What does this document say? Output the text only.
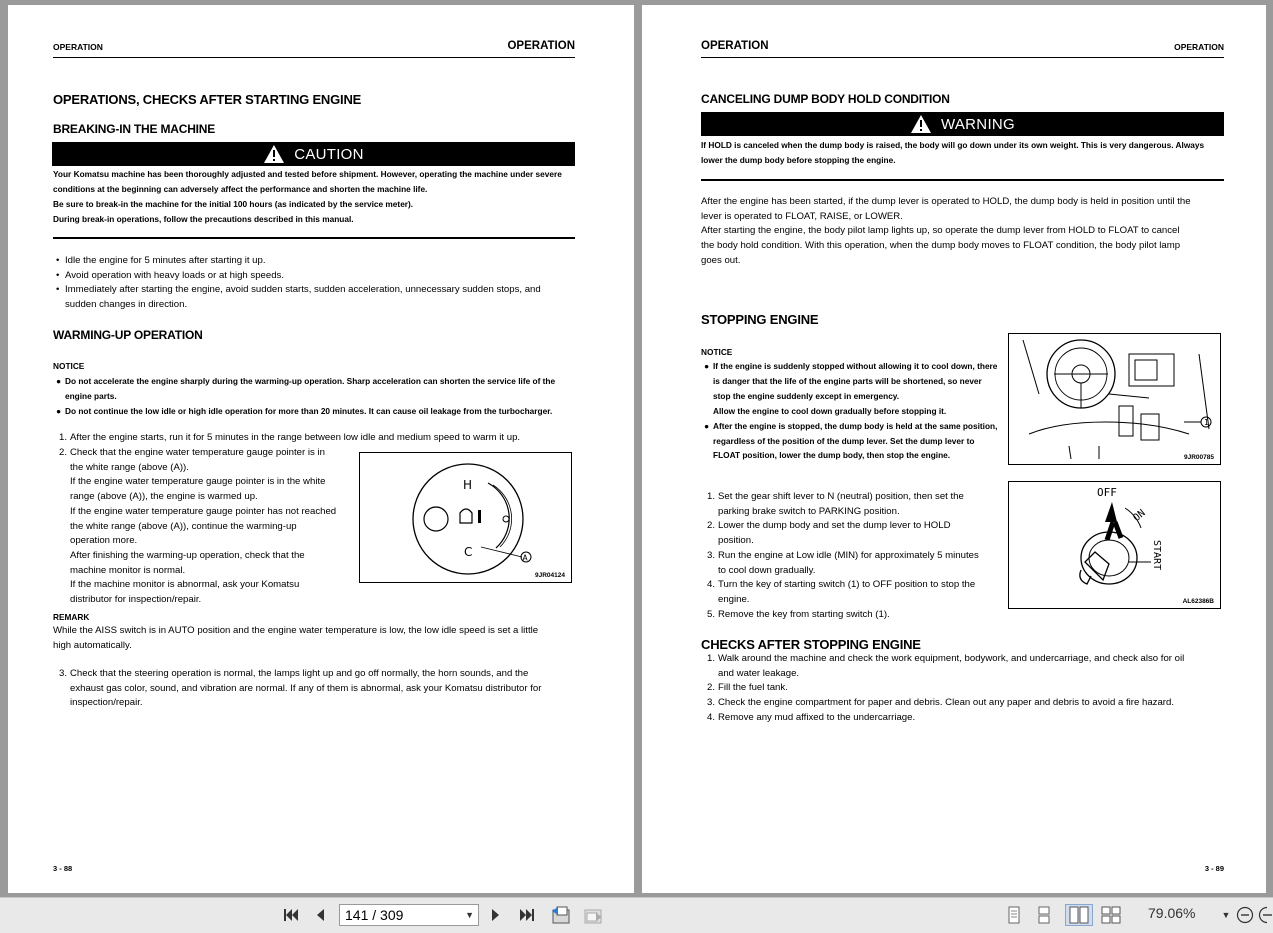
OPERATION	OPERATION
OPERATIONS, CHECKS AFTER STARTING ENGINE
BREAKING-IN THE MACHINE
CAUTION
Your Komatsu machine has been thoroughly adjusted and tested before shipment. However, operating the machine under severe
conditions at the beginning can adversely affect the performance and shorten the machine life.
Be sure to break-in the machine for the initial 100 hours (as indicated by the service meter).
During break-in operations, follow the precautions described in this manual.
• Idle the engine for 5 minutes after starting it up.
• Avoid operation with heavy loads or at high speeds.
• Immediately after starting the engine, avoid sudden starts, sudden acceleration, unnecessary sudden stops, and
sudden changes in direction.
WARMING-UP OPERATION
NOTICE
● Do not accelerate the engine sharply during the warming-up operation. Sharp acceleration can shorten the service life of the
engine parts.
● Do not continue the low idle or high idle operation for more than 20 minutes. It can cause oil leakage from the turbocharger.
1. After the engine starts, run it for 5 minutes in the range between low idle and medium speed to warm it up.
2. Check that the engine water temperature gauge pointer is in
the white range (above (A)).
If the engine water temperature gauge pointer is in the white
range (above (A)), the engine is warmed up.
If the engine water temperature gauge pointer has not reached
the white range (above (A)), continue the warming-up
operation more.
After finishing the warming-up operation, check that the
machine monitor is normal.
If the machine monitor is abnormal, ask your Komatsu
distributor for inspection/repair.
H
C	A
9JR04124
REMARK
While the AISS switch is in AUTO position and the engine water temperature is low, the low idle speed is set a little
high automatically.
3. Check that the steering operation is normal, the lamps light up and go off normally, the horn sounds, and the
exhaust gas color, sound, and vibration are normal. If any of them is abnormal, ask your Komatsu distributor for
inspection/repair.
3 - 88
OPERATION	OPERATION
CANCELING DUMP BODY HOLD CONDITION
WARNING
If HOLD is canceled when the dump body is raised, the body will go down under its own weight. This is very dangerous. Always
lower the dump body before stopping the engine.
After the engine has been started, if the dump lever is operated to HOLD, the dump body is held in position until the
lever is operated to FLOAT, RAISE, or LOWER.
After starting the engine, the body pilot lamp lights up, so operate the dump lever from HOLD to FLOAT to cancel
the body hold condition. With this operation, when the dump body moves to FLOAT condition, the body pilot lamp
goes out.
STOPPING ENGINE
NOTICE
● If the engine is suddenly stopped without allowing it to cool down, there
is danger that the life of the engine parts will be shortened, so never
stop the engine suddenly except in emergency.
Allow the engine to cool down gradually before stopping it.
● After the engine is stopped, the dump body is held at the same position,
regardless of the position of the dump lever. Set the dump lever to
FLOAT position, lower the dump body, then stop the engine.
1
9JR00785
1. Set the gear shift lever to N (neutral) position, then set the
parking brake switch to PARKING position.
2. Lower the dump body and set the dump lever to HOLD
position.
3. Run the engine at Low idle (MIN) for approximately 5 minutes
to cool down gradually.
4. Turn the key of starting switch (1) to OFF position to stop the
engine.
5. Remove the key from starting switch (1).
OFF
ON
START
AL62386B
CHECKS AFTER STOPPING ENGINE
1. Walk around the machine and check the work equipment, bodywork, and undercarriage, and check also for oil
and water leakage.
2. Fill the fuel tank.
3. Check the engine compartment for paper and debris. Clean out any paper and debris to avoid a fire hazard.
4. Remove any mud affixed to the undercarriage.
3 - 89
141 / 309	▼	79.06%	▼
